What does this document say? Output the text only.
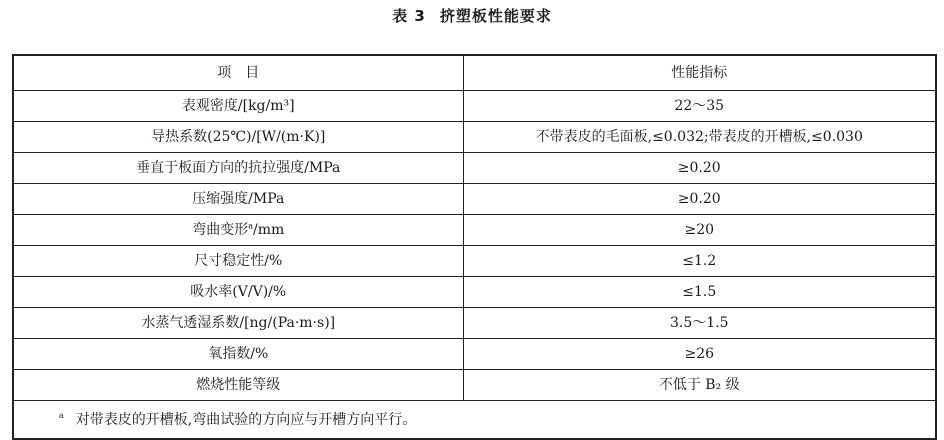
表 3 挤塑板性能要求
项　目	性能指标
表观密度/[kg/m³]	22～35
导热系数(25℃)/[W/(m·K)]	不带表皮的毛面板,≤0.032;带表皮的开槽板,≤0.030
垂直于板面方向的抗拉强度/MPa	≥0.20
压缩强度/MPa	≥0.20
弯曲变形$^a$/mm	≥20
尺寸稳定性/%	≤1.2
吸水率(V/V)/%	≤1.5
水蒸气透湿系数/[ng/(Pa·m·s)]	3.5～1.5
氧指数/%	≥26
燃烧性能等级	不低于 B₂ 级
$^a$ 对带表皮的开槽板,弯曲试验的方向应与开槽方向平行。	
